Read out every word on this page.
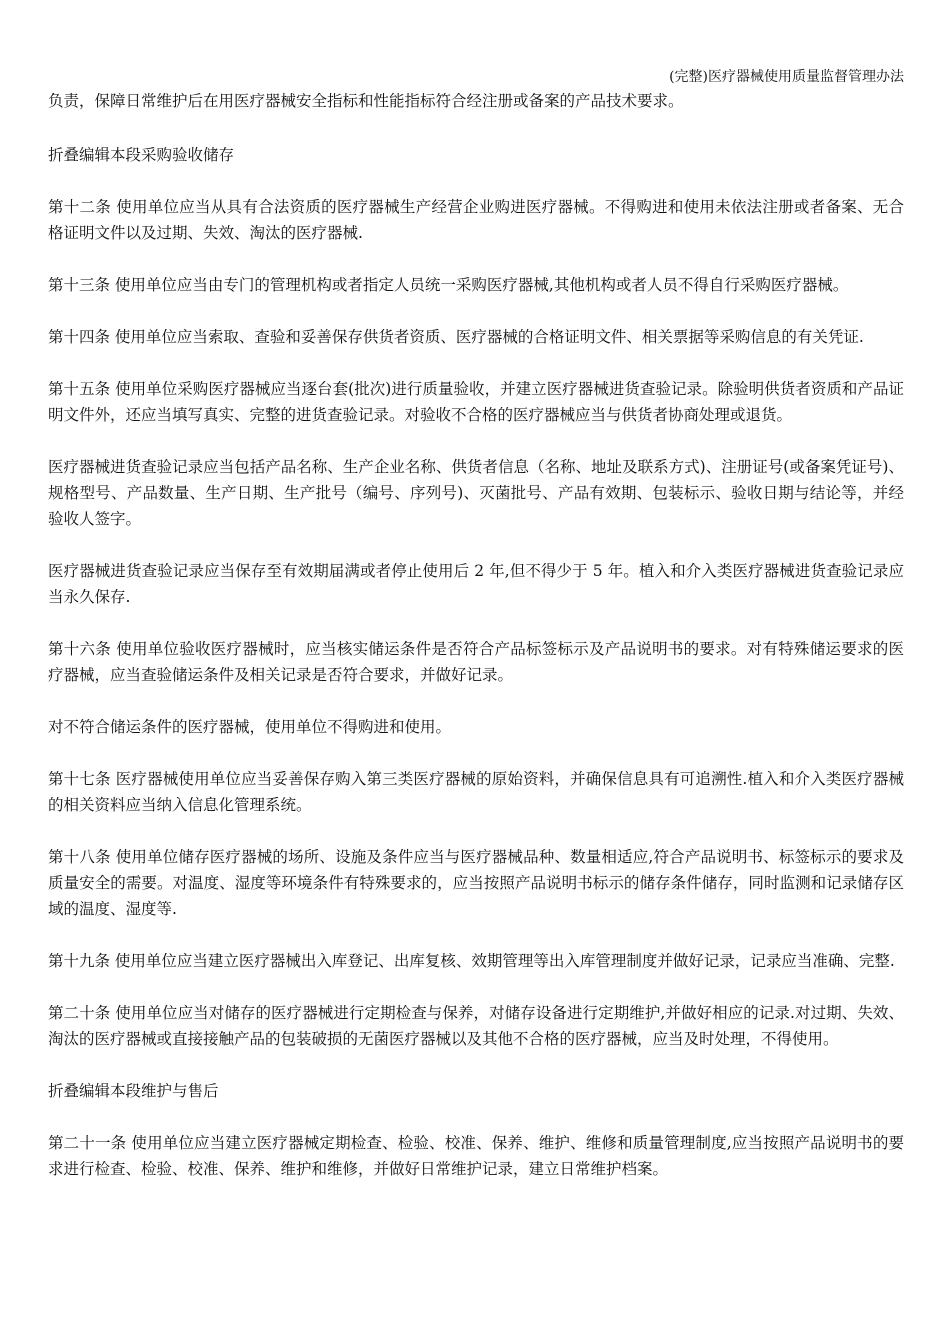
(完整)医疗器械使用质量监督管理办法

负责，保障日常维护后在用医疗器械安全指标和性能指标符合经注册或备案的产品技术要求。

折叠编辑本段采购验收储存

第十二条 使用单位应当从具有合法资质的医疗器械生产经营企业购进医疗器械。不得购进和使用未依法注册或者备案、无合格证明文件以及过期、失效、淘汰的医疗器械.

第十三条 使用单位应当由专门的管理机构或者指定人员统一采购医疗器械,其他机构或者人员不得自行采购医疗器械。

第十四条 使用单位应当索取、查验和妥善保存供货者资质、医疗器械的合格证明文件、相关票据等采购信息的有关凭证.

第十五条 使用单位采购医疗器械应当逐台套(批次)进行质量验收，并建立医疗器械进货查验记录。除验明供货者资质和产品证明文件外，还应当填写真实、完整的进货查验记录。对验收不合格的医疗器械应当与供货者协商处理或退货。

医疗器械进货查验记录应当包括产品名称、生产企业名称、供货者信息（名称、地址及联系方式)、注册证号(或备案凭证号)、规格型号、产品数量、生产日期、生产批号（编号、序列号)、灭菌批号、产品有效期、包装标示、验收日期与结论等，并经验收人签字。

医疗器械进货查验记录应当保存至有效期届满或者停止使用后 2 年,但不得少于 5 年。植入和介入类医疗器械进货查验记录应当永久保存.

第十六条 使用单位验收医疗器械时，应当核实储运条件是否符合产品标签标示及产品说明书的要求。对有特殊储运要求的医疗器械，应当查验储运条件及相关记录是否符合要求，并做好记录。

对不符合储运条件的医疗器械，使用单位不得购进和使用。

第十七条 医疗器械使用单位应当妥善保存购入第三类医疗器械的原始资料，并确保信息具有可追溯性.植入和介入类医疗器械的相关资料应当纳入信息化管理系统。

第十八条 使用单位储存医疗器械的场所、设施及条件应当与医疗器械品种、数量相适应,符合产品说明书、标签标示的要求及质量安全的需要。对温度、湿度等环境条件有特殊要求的，应当按照产品说明书标示的储存条件储存，同时监测和记录储存区域的温度、湿度等.

第十九条 使用单位应当建立医疗器械出入库登记、出库复核、效期管理等出入库管理制度并做好记录，记录应当准确、完整.

第二十条 使用单位应当对储存的医疗器械进行定期检查与保养，对储存设备进行定期维护,并做好相应的记录.对过期、失效、淘汰的医疗器械或直接接触产品的包装破损的无菌医疗器械以及其他不合格的医疗器械，应当及时处理，不得使用。

折叠编辑本段维护与售后

第二十一条 使用单位应当建立医疗器械定期检查、检验、校准、保养、维护、维修和质量管理制度,应当按照产品说明书的要求进行检查、检验、校准、保养、维护和维修，并做好日常维护记录，建立日常维护档案。
